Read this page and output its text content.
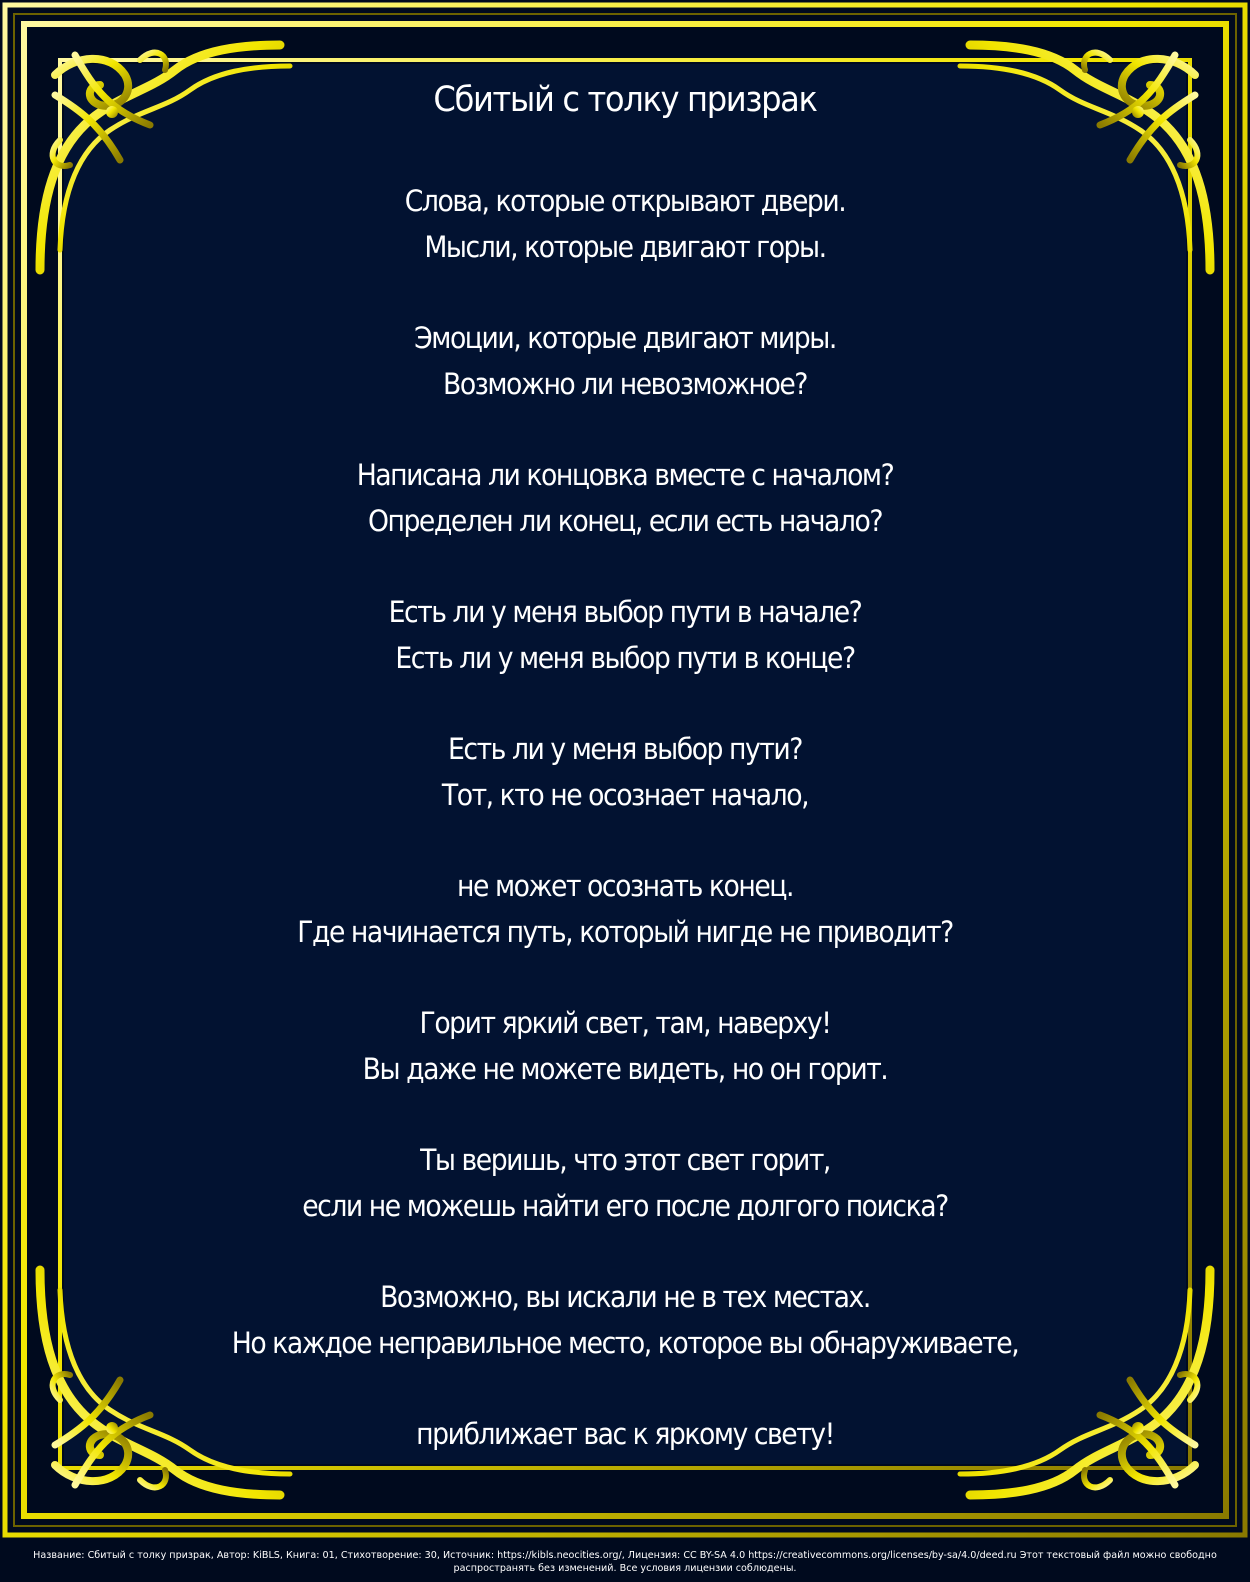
Сбитый с толку призрак
Слова, которые открывают двери.
Мысли, которые двигают горы.
Эмоции, которые двигают миры.
Возможно ли невозможное?
Написана ли концовка вместе с началом?
Определен ли конец, если есть начало?
Есть ли у меня выбор пути в начале?
Есть ли у меня выбор пути в конце?
Есть ли у меня выбор пути?
Тот, кто не осознает начало,
не может осознать конец.
Где начинается путь, который нигде не приводит?
Горит яркий свет, там, наверху!
Вы даже не можете видеть, но он горит.
Ты веришь, что этот свет горит,
если не можешь найти его после долгого поиска?
Возможно, вы искали не в тех местах.
Но каждое неправильное место, которое вы обнаруживаете,
приближает вас к яркому свету!
Название: Сбитый с толку призрак, Автор: KiBLS, Книга: 01, Стихотворение: 30, Источник: https://kibls.neocities.org/, Лицензия: CC BY-SA 4.0 https://creativecommons.org/licenses/by-sa/4.0/deed.ru Этот текстовый файл можно свободно
распространять без изменений. Все условия лицензии соблюдены.
